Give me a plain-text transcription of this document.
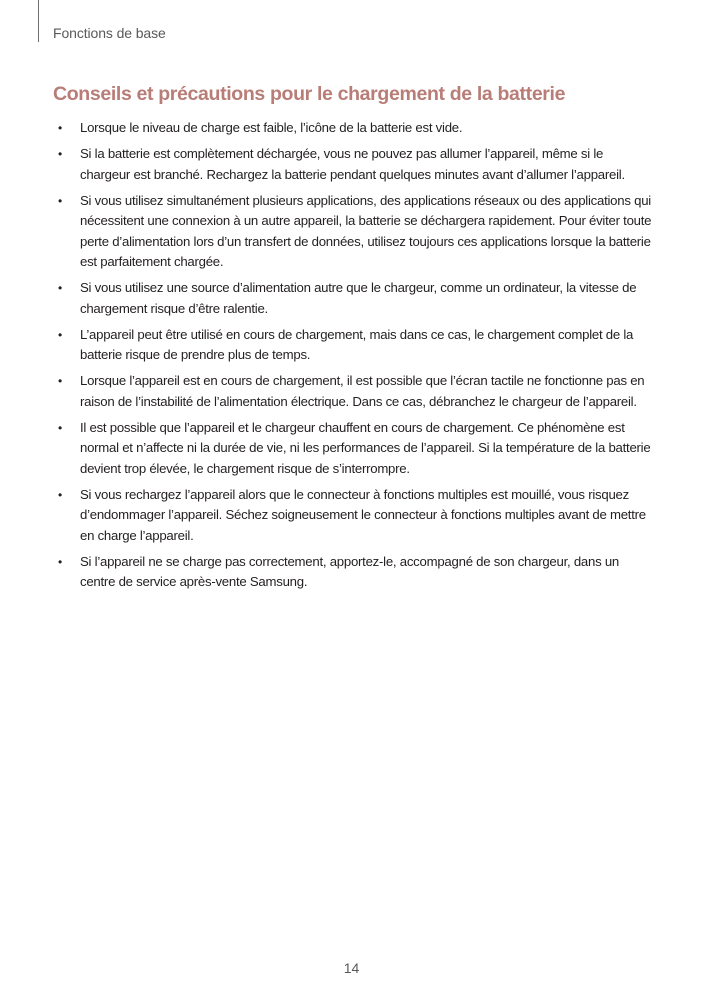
Fonctions de base
Conseils et précautions pour le chargement de la batterie
• Lorsque le niveau de charge est faible, l’icône de la batterie est vide.
• Si la batterie est complètement déchargée, vous ne pouvez pas allumer l’appareil, même si le chargeur est branché. Rechargez la batterie pendant quelques minutes avant d’allumer l’appareil.
• Si vous utilisez simultanément plusieurs applications, des applications réseaux ou des applications qui nécessitent une connexion à un autre appareil, la batterie se déchargera rapidement. Pour éviter toute perte d’alimentation lors d’un transfert de données, utilisez toujours ces applications lorsque la batterie est parfaitement chargée.
• Si vous utilisez une source d’alimentation autre que le chargeur, comme un ordinateur, la vitesse de chargement risque d’être ralentie.
• L’appareil peut être utilisé en cours de chargement, mais dans ce cas, le chargement complet de la batterie risque de prendre plus de temps.
• Lorsque l’appareil est en cours de chargement, il est possible que l’écran tactile ne fonctionne pas en raison de l’instabilité de l’alimentation électrique. Dans ce cas, débranchez le chargeur de l’appareil.
• Il est possible que l’appareil et le chargeur chauffent en cours de chargement. Ce phénomène est normal et n’affecte ni la durée de vie, ni les performances de l’appareil. Si la température de la batterie devient trop élevée, le chargement risque de s’interrompre.
• Si vous rechargez l’appareil alors que le connecteur à fonctions multiples est mouillé, vous risquez d’endommager l’appareil. Séchez soigneusement le connecteur à fonctions multiples avant de mettre en charge l’appareil.
• Si l’appareil ne se charge pas correctement, apportez-le, accompagné de son chargeur, dans un centre de service après-vente Samsung.
14
